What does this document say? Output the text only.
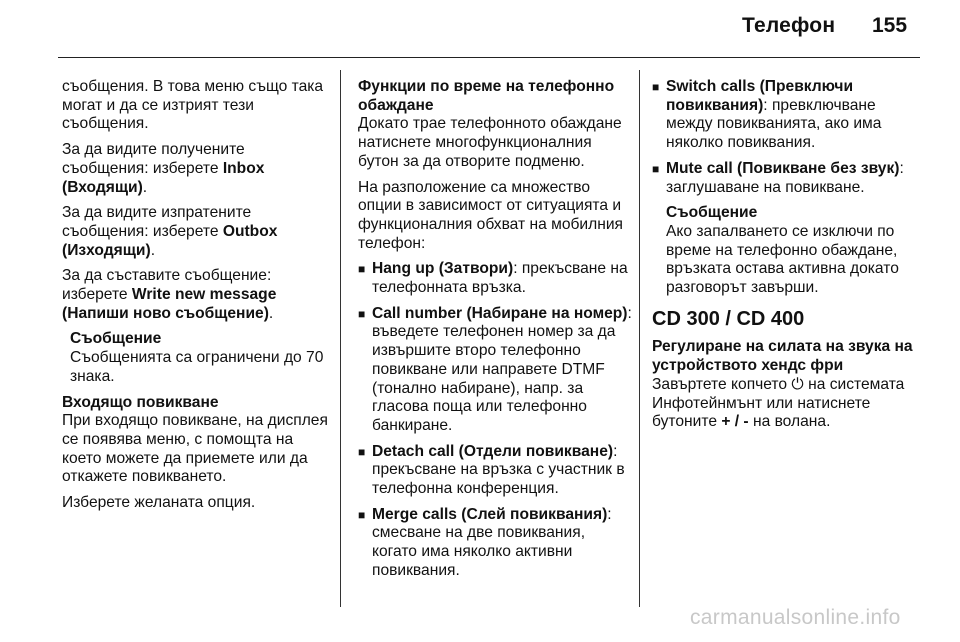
Телефон 155

съобщения. В това меню също така могат и да се изтрият тези съобщения.

За да видите получените съобщения: изберете Inbox (Входящи).

За да видите изпратените съобщения: изберете Outbox (Изходящи).

За да съставите съобщение: изберете Write new message (Напиши ново съобщение).

Съобщение
Съобщенията са ограничени до 70 знака.
Входящо повикване

При входящо повикване, на дисплея се появява меню, с помощта на което можете да приемете или да откажете повикването.

Изберете желаната опция.

Функции по време на телефонно обаждане

Докато трае телефонното обаждане натиснете многофункционалния бутон за да отворите подменю.

На разположение са множество опции в зависимост от ситуацията и функционалния обхват на мобилния телефон:

■ Hang up (Затвори): прекъсване на телефонната връзка.
■ Call number (Набиране на номер): въведете телефонен номер за да извършите второ телефонно повикване или направете DTMF (тонално набиране), напр. за гласова поща или телефонно банкиране.
■ Detach call (Отдели повикване): прекъсване на връзка с участник в телефонна конференция.
■ Merge calls (Слей повиквания): смесване на две повиквания, когато има няколко активни повиквания.
■ Switch calls (Превключи повиквания): превключване между повикванията, ако има няколко повиквания.
■ Mute call (Повикване без звук): заглушаване на повикване.
Съобщение
Ако запалването се изключи по време на телефонно обаждане, връзката остава активна докато разговорът завърши.
CD 300 / CD 400
Регулиране на силата на звука на устройството хендс фри

Завъртете копчето ⏻ на системата Инфотейнмънт или натиснете бутоните + / - на волана.

carmanualsonline.info
